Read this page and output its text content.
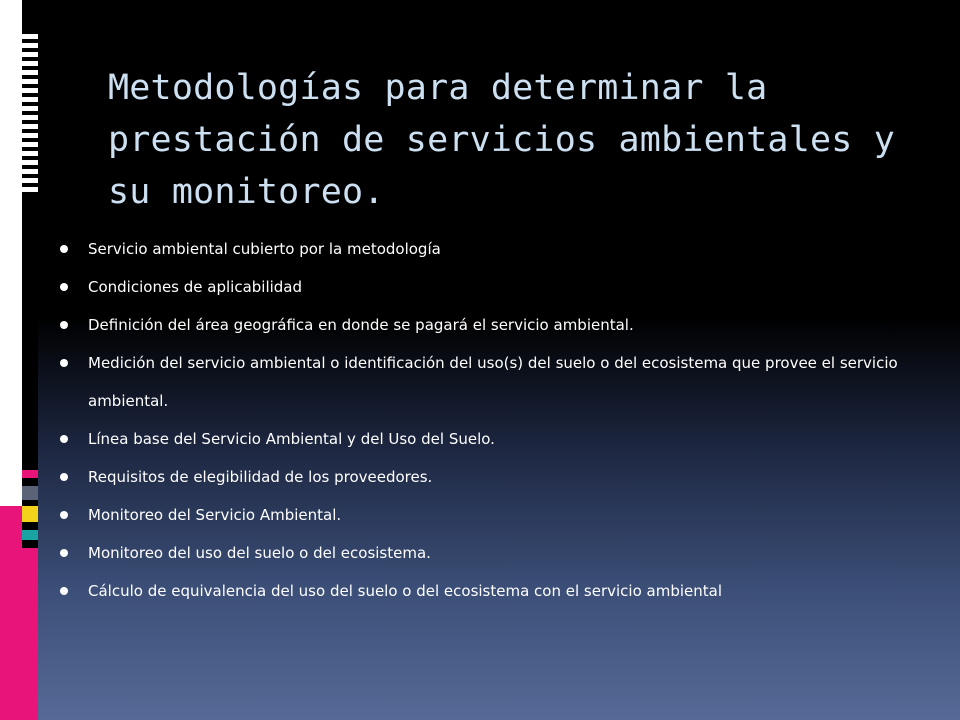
Metodologías para determinar la prestación de servicios ambientales y su monitoreo.
Servicio ambiental cubierto por la metodología
Condiciones de aplicabilidad
Definición del área geográfica en donde se pagará el servicio ambiental.
Medición del servicio ambiental o identificación del uso(s) del suelo o del ecosistema que provee el servicio ambiental.
Línea base del Servicio Ambiental y del Uso del Suelo.
Requisitos de elegibilidad de los proveedores.
Monitoreo del Servicio Ambiental.
Monitoreo del uso del suelo o del ecosistema.
Cálculo de equivalencia del uso del suelo o del ecosistema con el servicio ambiental
